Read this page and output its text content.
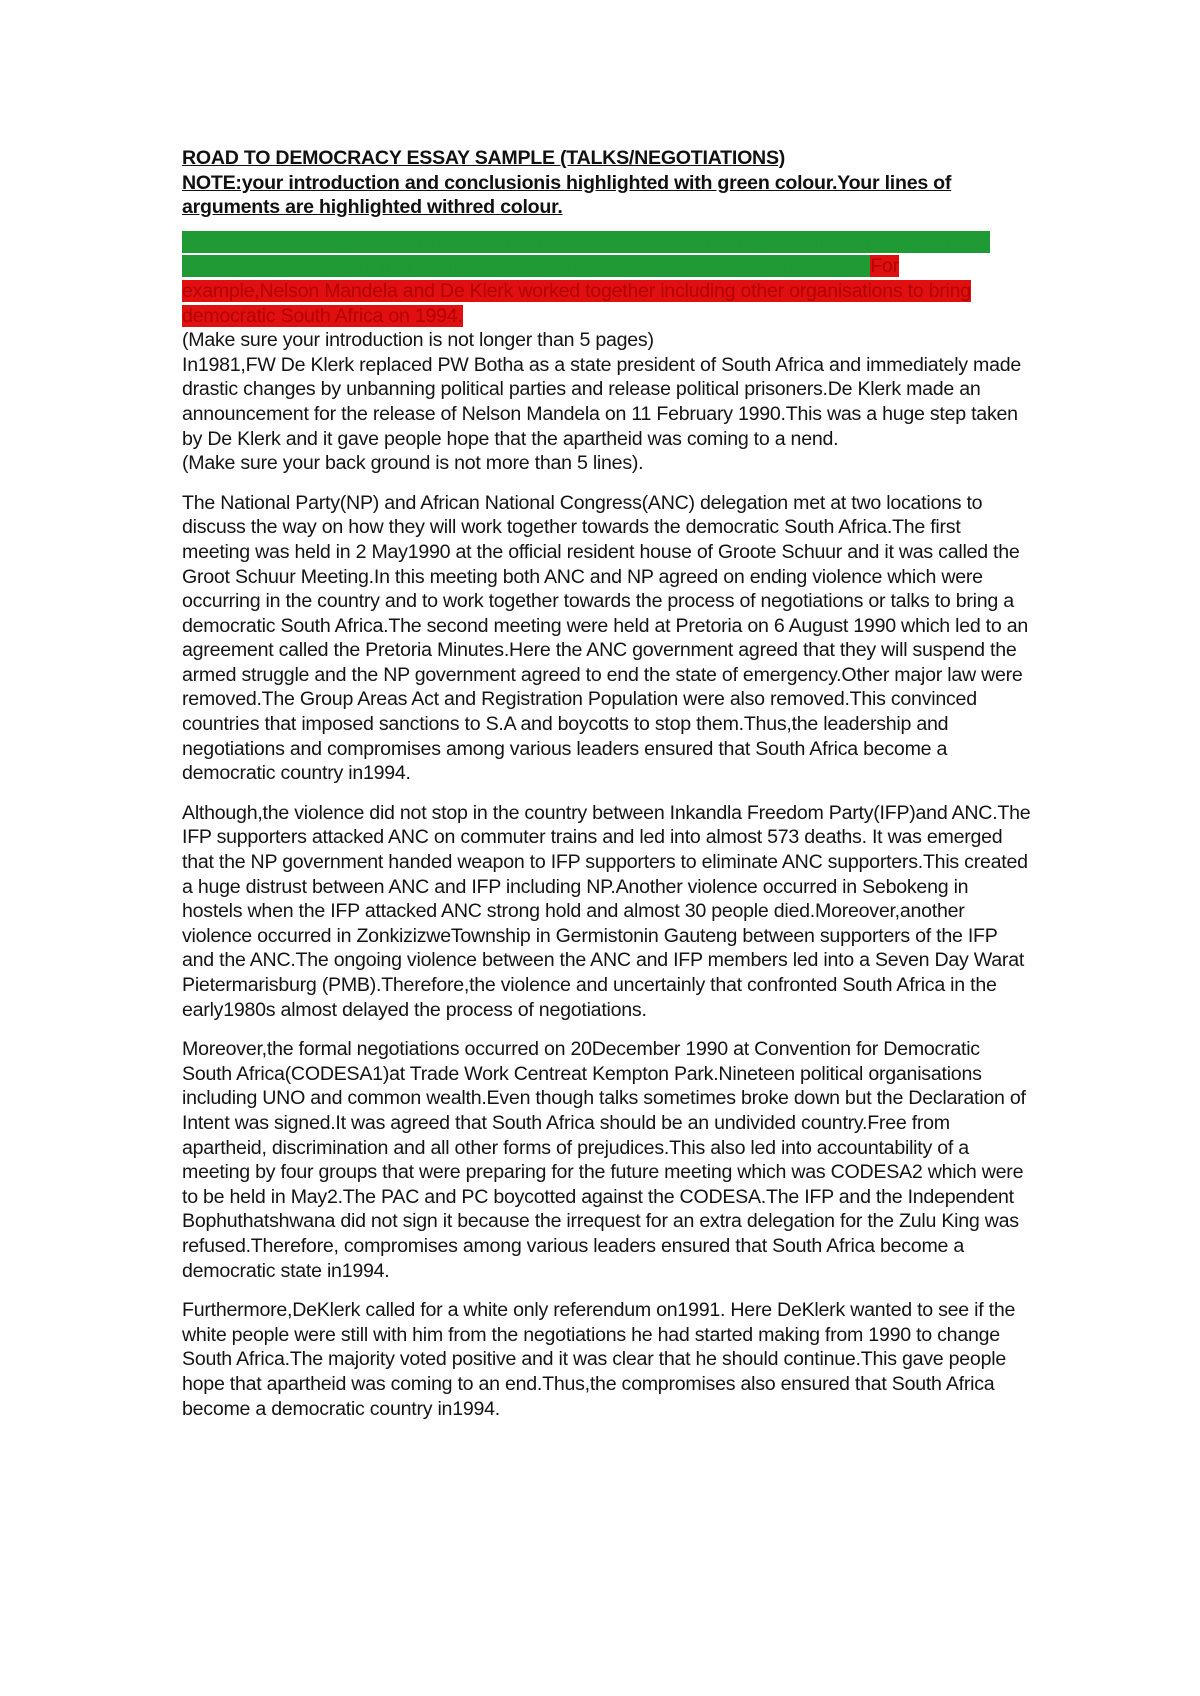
ROAD TO DEMOCRACY ESSAY SAMPLE (TALKS/NEGOTIATIONS)

NOTE:your introduction and conclusionis highlighted with green colour.Your lines of arguments are highlighted withred colour.

One would totally agree with the statement that it was leadership,negotiations and compromises among various leaders that ensured that South Africa become a democratic state.For example,Nelson Mandela and De Klerk worked together including other organisations to bring democratic South Africa on 1994.

(Make sure your introduction is not longer than 5 pages)

In1981,FW De Klerk replaced PW Botha as a state president of South Africa and immediately made drastic changes by unbanning political parties and release political prisoners.De Klerk made an announcement for the release of Nelson Mandela on 11 February 1990.This was a huge step taken by De Klerk and it gave people hope that the apartheid was coming to a nend.

(Make sure your back ground is not more than 5 lines).

The National Party(NP) and African National Congress(ANC) delegation met at two locations to discuss the way on how they will work together towards the democratic South Africa.The first meeting was held in 2 May1990 at the official resident house of Groote Schuur and it was called the Groot Schuur Meeting.In this meeting both ANC and NP agreed on ending violence which were occurring in the country and to work together towards the process of negotiations or talks to bring a democratic South Africa.The second meeting were held at Pretoria on 6 August 1990 which led to an agreement called the Pretoria Minutes.Here the ANC government agreed that they will suspend the armed struggle and the NP government agreed to end the state of emergency.Other major law were removed.The Group Areas Act and Registration Population were also removed.This convinced countries that imposed sanctions to S.A and boycotts to stop them.Thus,the leadership and negotiations and compromises among various leaders ensured that South Africa become a democratic country in1994.

Although,the violence did not stop in the country between Inkandla Freedom Party(IFP)and ANC.The IFP supporters attacked ANC on commuter trains and led into almost 573 deaths. It was emerged that the NP government handed weapon to IFP supporters to eliminate ANC supporters.This created a huge distrust between ANC and IFP including NP.Another violence occurred in Sebokeng in hostels when the IFP attacked ANC strong hold and almost 30 people died.Moreover,another violence occurred in ZonkizizweTownship in Germistonin Gauteng between supporters of the IFP and the ANC.The ongoing violence between the ANC and IFP members led into a Seven Day Warat Pietermarisburg (PMB).Therefore,the violence and uncertainly that confronted South Africa in the early1980s almost delayed the process of negotiations.

Moreover,the formal negotiations occurred on 20December 1990 at Convention for Democratic South Africa(CODESA1)at Trade Work Centreat Kempton Park.Nineteen political organisations including UNO and common wealth.Even though talks sometimes broke down but the Declaration of Intent was signed.It was agreed that South Africa should be an undivided country.Free from apartheid, discrimination and all other forms of prejudices.This also led into accountability of a meeting by four groups that were preparing for the future meeting which was CODESA2 which were to be held in May2.The PAC and PC boycotted against the CODESA.The IFP and the Independent Bophuthatshwana did not sign it because the irrequest for an extra delegation for the Zulu King was refused.Therefore, compromises among various leaders ensured that South Africa become a democratic state in1994.

Furthermore,DeKlerk called for a white only referendum on1991. Here DeKlerk wanted to see if the white people were still with him from the negotiations he had started making from 1990 to change South Africa.The majority voted positive and it was clear that he should continue.This gave people hope that apartheid was coming to an end.Thus,the compromises also ensured that South Africa become a democratic country in1994.
